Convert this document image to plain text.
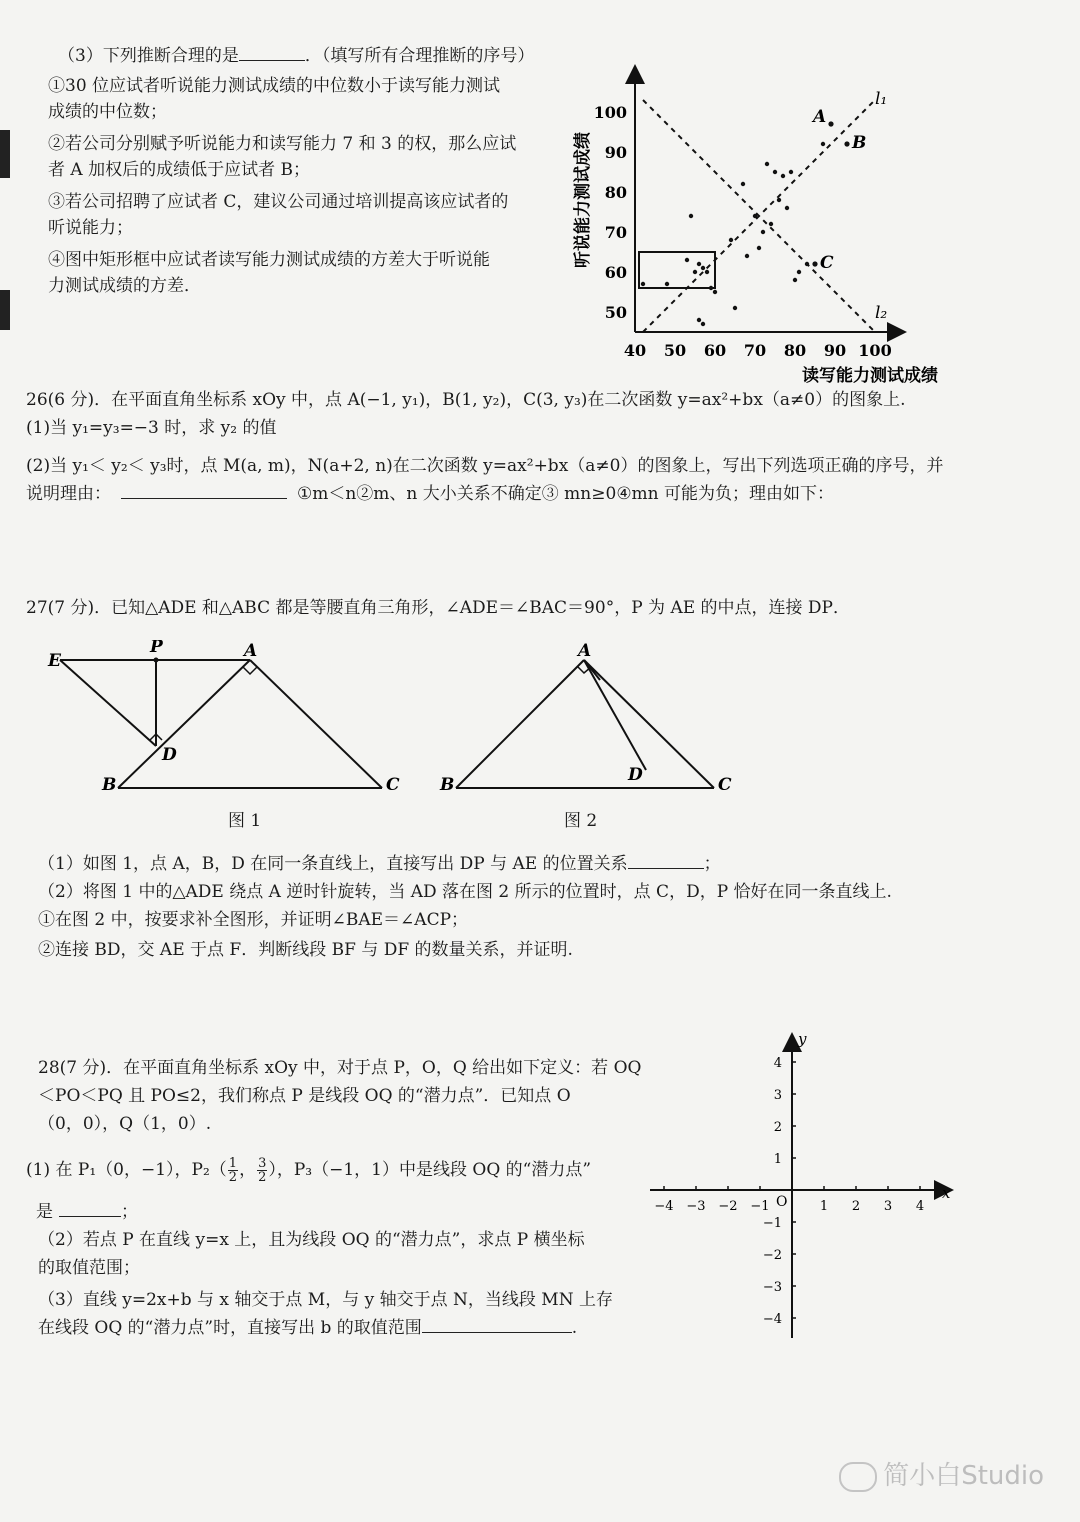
（3）下列推断合理的是	．（填写所有合理推断的序号）
①30 位应试者听说能力测试成绩的中位数小于读写能力测试
成绩的中位数；
②若公司分别赋予听说能力和读写能力 7 和 3 的权，那么应试
者 A 加权后的成绩低于应试者 B；
③若公司招聘了应试者 C，建议公司通过培训提高该应试者的
听说能力；
④图中矩形框中应试者读写能力测试成绩的方差大于听说能
力测试成绩的方差．
40 50 60 70 80 90 100
50
60
70
80
90
100
l₁
l₂
A
B
C
听说能力测试成绩
读写能力测试成绩
26(6 分)．在平面直角坐标系 xOy 中，点 A(−1, y₁)，B(1, y₂)，C(3, y₃)在二次函数 y=ax²+bx（a≠0）的图象上.
(1)当 y₁=y₃=−3 时，求 y₂ 的值
(2)当 y₁＜ y₂＜ y₃时，点 M(a, m)，N(a+2, n)在二次函数 y=ax²+bx（a≠0）的图象上，写出下列选项正确的序号，并
说明理由：	①m＜n②m、n 大小关系不确定③ mn≥0④mn 可能为负；理由如下：
27(7 分)．已知△ADE 和△ABC 都是等腰直角三角形，∠ADE＝∠BAC＝90°，P 为 AE 的中点，连接 DP．
E
P	A
D
B	C
图 1
A
D
B	C
图 2
（1）如图 1，点 A，B，D 在同一条直线上，直接写出 DP 与 AE 的位置关系	；
（2）将图 1 中的△ADE 绕点 A 逆时针旋转，当 AD 落在图 2 所示的位置时，点 C，D，P 恰好在同一条直线上.
①在图 2 中，按要求补全图形，并证明∠BAE＝∠ACP；
②连接 BD，交 AE 于点 F．判断线段 BF 与 DF 的数量关系，并证明.
28(7 分)．在平面直角坐标系 xOy 中，对于点 P，O，Q 给出如下定义：若 OQ
＜PO＜PQ 且 PO≤2，我们称点 P 是线段 OQ 的“潜力点”．已知点 O
（0，0），Q（1，0）.
(1) 在 P₁（0，−1），$P_2( \frac{1}{2}$ ， $\frac{3}{2}$ ），P₃（−1，1）中是线段 OQ 的“潜力点”
是	；
（2）若点 P 在直线 y=x 上，且为线段 OQ 的“潜力点”，求点 P 横坐标
的取值范围；
（3）直线 y=2x+b 与 x 轴交于点 M，与 y 轴交于点 N，当线段 MN 上存
在线段 OQ 的“潜力点”时，直接写出 b 的取值范围	.
−4 −3 −2 −1	1 2 3 4
4
3
2
1
−1
−2
−3
−4
x
y
O
简小白Studio
